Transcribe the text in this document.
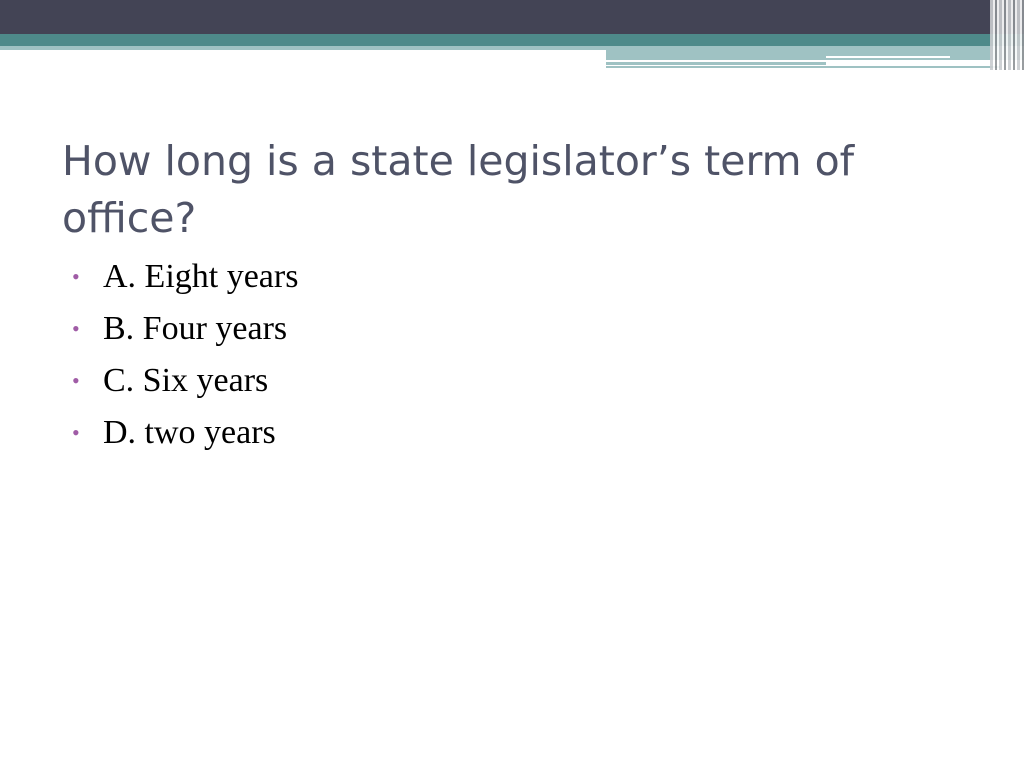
How long is a state legislator’s term of office?
• A. Eight years
• B. Four years
• C. Six years
• D. two years
